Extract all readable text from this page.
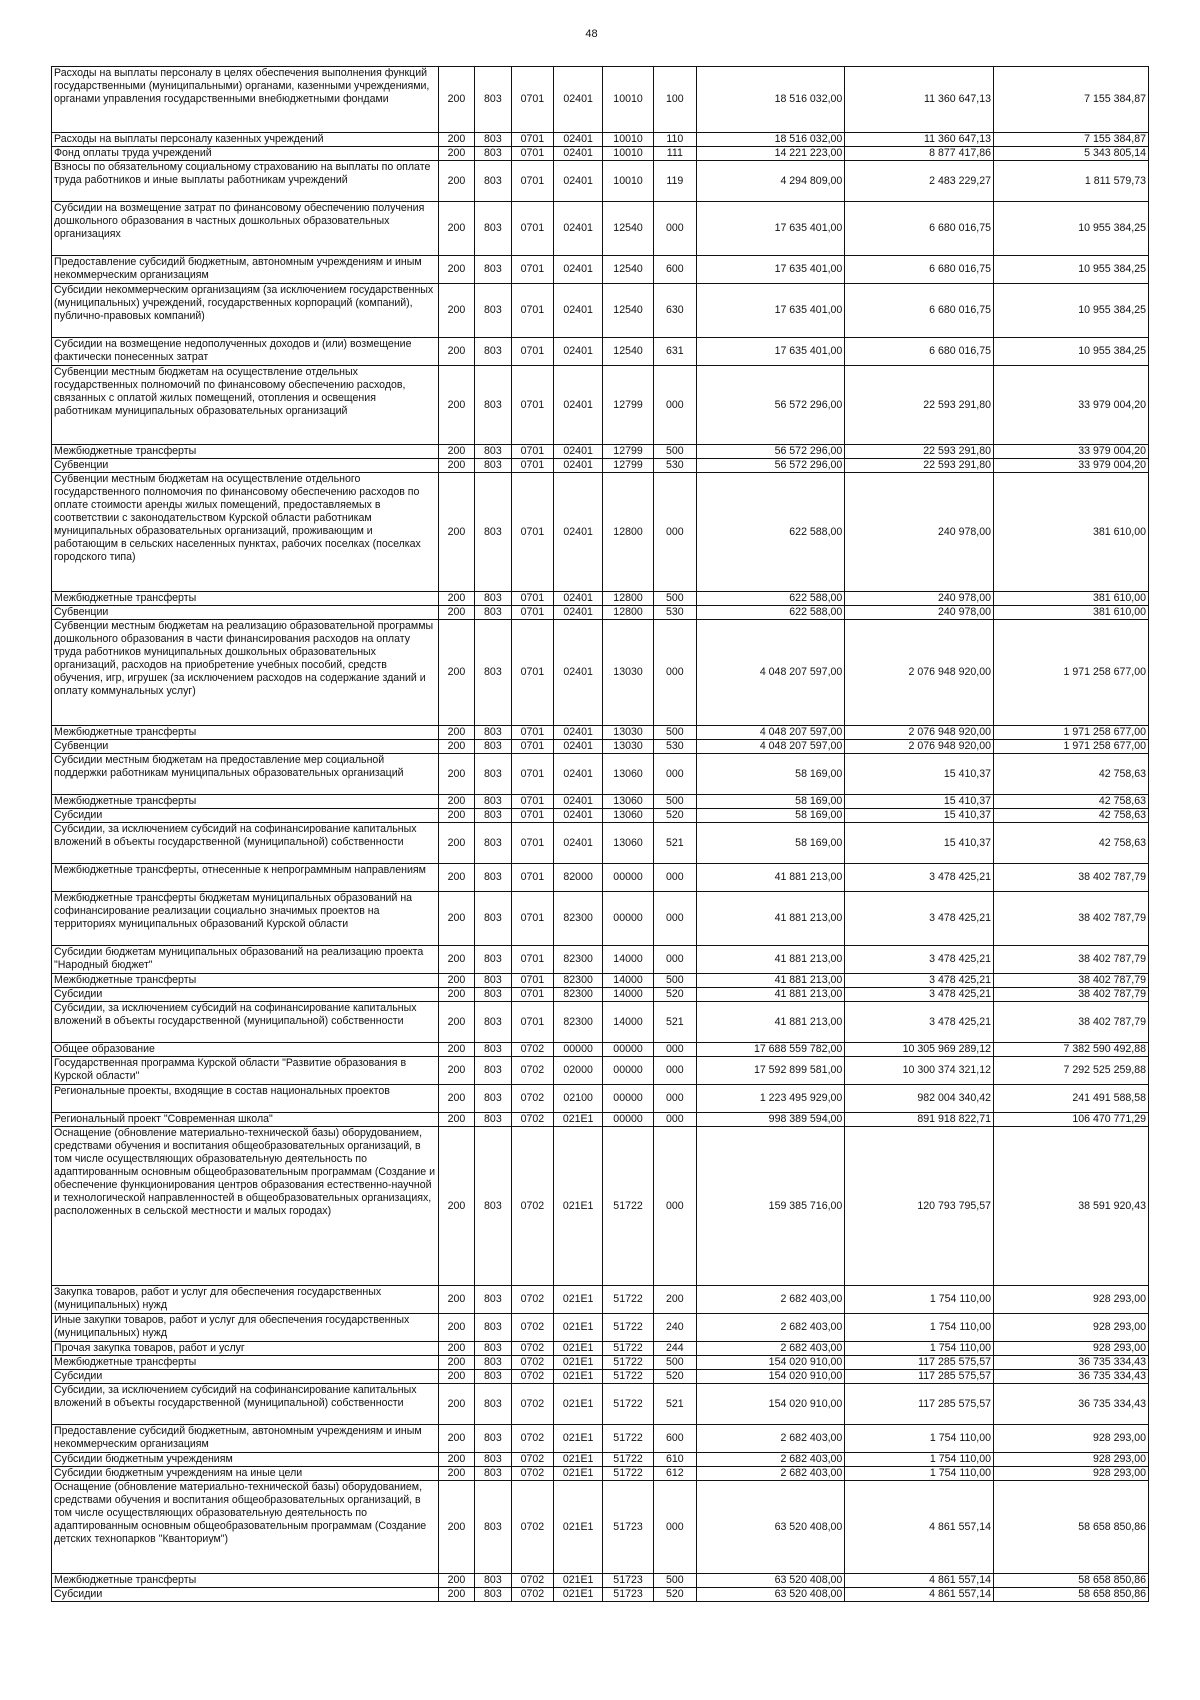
48
Расходы на выплаты персоналу в целях обеспечения выполнения функций государственными (муниципальными) органами, казенными учреждениями, органами управления государственными внебюджетными фондами	200	803	0701	02401	10010	100	18 516 032,00	11 360 647,13	7 155 384,87
Расходы на выплаты персоналу казенных учреждений	200	803	0701	02401	10010	110	18 516 032,00	11 360 647,13	7 155 384,87
Фонд оплаты труда учреждений	200	803	0701	02401	10010	111	14 221 223,00	8 877 417,86	5 343 805,14
Взносы по обязательному социальному страхованию на выплаты по оплате труда работников и иные выплаты работникам учреждений	200	803	0701	02401	10010	119	4 294 809,00	2 483 229,27	1 811 579,73
Субсидии на возмещение затрат по финансовому обеспечению получения дошкольного образования в частных дошкольных образовательных организациях	200	803	0701	02401	12540	000	17 635 401,00	6 680 016,75	10 955 384,25
Предоставление субсидий бюджетным, автономным учреждениям и иным некоммерческим организациям	200	803	0701	02401	12540	600	17 635 401,00	6 680 016,75	10 955 384,25
Субсидии некоммерческим организациям (за исключением государственных (муниципальных) учреждений, государственных корпораций (компаний), публично-правовых компаний)	200	803	0701	02401	12540	630	17 635 401,00	6 680 016,75	10 955 384,25
Субсидии на возмещение недополученных доходов и (или) возмещение фактически понесенных затрат	200	803	0701	02401	12540	631	17 635 401,00	6 680 016,75	10 955 384,25
Субвенции местным бюджетам на осуществление отдельных государственных полномочий по финансовому обеспечению расходов, связанных с оплатой жилых помещений, отопления и освещения работникам муниципальных образовательных организаций	200	803	0701	02401	12799	000	56 572 296,00	22 593 291,80	33 979 004,20
Межбюджетные трансферты	200	803	0701	02401	12799	500	56 572 296,00	22 593 291,80	33 979 004,20
Субвенции	200	803	0701	02401	12799	530	56 572 296,00	22 593 291,80	33 979 004,20
Субвенции местным бюджетам на осуществление отдельного государственного полномочия по финансовому обеспечению расходов по оплате стоимости аренды жилых помещений, предоставляемых в соответствии с законодательством Курской области работникам муниципальных образовательных организаций, проживающим и работающим в сельских населенных пунктах, рабочих поселках (поселках городского типа)	200	803	0701	02401	12800	000	622 588,00	240 978,00	381 610,00
Межбюджетные трансферты	200	803	0701	02401	12800	500	622 588,00	240 978,00	381 610,00
Субвенции	200	803	0701	02401	12800	530	622 588,00	240 978,00	381 610,00
Субвенции местным бюджетам на реализацию образовательной программы дошкольного образования в части финансирования расходов на оплату труда работников муниципальных дошкольных образовательных организаций, расходов на приобретение учебных пособий, средств обучения, игр, игрушек (за исключением расходов на содержание зданий и оплату коммунальных услуг)	200	803	0701	02401	13030	000	4 048 207 597,00	2 076 948 920,00	1 971 258 677,00
Межбюджетные трансферты	200	803	0701	02401	13030	500	4 048 207 597,00	2 076 948 920,00	1 971 258 677,00
Субвенции	200	803	0701	02401	13030	530	4 048 207 597,00	2 076 948 920,00	1 971 258 677,00
Субсидии местным бюджетам на предоставление мер социальной поддержки работникам муниципальных образовательных организаций	200	803	0701	02401	13060	000	58 169,00	15 410,37	42 758,63
Межбюджетные трансферты	200	803	0701	02401	13060	500	58 169,00	15 410,37	42 758,63
Субсидии	200	803	0701	02401	13060	520	58 169,00	15 410,37	42 758,63
Субсидии, за исключением субсидий на софинансирование капитальных вложений в объекты государственной (муниципальной) собственности	200	803	0701	02401	13060	521	58 169,00	15 410,37	42 758,63
Межбюджетные трансферты, отнесенные к непрограммным направлениям	200	803	0701	82000	00000	000	41 881 213,00	3 478 425,21	38 402 787,79
Межбюджетные трансферты бюджетам муниципальных образований на софинансирование реализации социально значимых проектов на территориях муниципальных образований Курской области	200	803	0701	82300	00000	000	41 881 213,00	3 478 425,21	38 402 787,79
Субсидии бюджетам муниципальных образований на реализацию проекта "Народный бюджет"	200	803	0701	82300	14000	000	41 881 213,00	3 478 425,21	38 402 787,79
Межбюджетные трансферты	200	803	0701	82300	14000	500	41 881 213,00	3 478 425,21	38 402 787,79
Субсидии	200	803	0701	82300	14000	520	41 881 213,00	3 478 425,21	38 402 787,79
Субсидии, за исключением субсидий на софинансирование капитальных вложений в объекты государственной (муниципальной) собственности	200	803	0701	82300	14000	521	41 881 213,00	3 478 425,21	38 402 787,79
Общее образование	200	803	0702	00000	00000	000	17 688 559 782,00	10 305 969 289,12	7 382 590 492,88
Государственная программа Курской области "Развитие образования в Курской области"	200	803	0702	02000	00000	000	17 592 899 581,00	10 300 374 321,12	7 292 525 259,88
Региональные проекты, входящие в состав национальных проектов	200	803	0702	02100	00000	000	1 223 495 929,00	982 004 340,42	241 491 588,58
Региональный проект "Современная школа"	200	803	0702	021E1	00000	000	998 389 594,00	891 918 822,71	106 470 771,29
Оснащение (обновление материально-технической базы) оборудованием, средствами обучения и воспитания общеобразовательных организаций, в том числе осуществляющих образовательную деятельность по адаптированным основным общеобразовательным программам (Создание и обеспечение функционирования центров образования естественно-научной и технологической направленностей в общеобразовательных организациях, расположенных в сельской местности и малых городах)	200	803	0702	021E1	51722	000	159 385 716,00	120 793 795,57	38 591 920,43
Закупка товаров, работ и услуг для обеспечения государственных (муниципальных) нужд	200	803	0702	021E1	51722	200	2 682 403,00	1 754 110,00	928 293,00
Иные закупки товаров, работ и услуг для обеспечения государственных (муниципальных) нужд	200	803	0702	021E1	51722	240	2 682 403,00	1 754 110,00	928 293,00
Прочая закупка товаров, работ и услуг	200	803	0702	021E1	51722	244	2 682 403,00	1 754 110,00	928 293,00
Межбюджетные трансферты	200	803	0702	021E1	51722	500	154 020 910,00	117 285 575,57	36 735 334,43
Субсидии	200	803	0702	021E1	51722	520	154 020 910,00	117 285 575,57	36 735 334,43
Субсидии, за исключением субсидий на софинансирование капитальных вложений в объекты государственной (муниципальной) собственности	200	803	0702	021E1	51722	521	154 020 910,00	117 285 575,57	36 735 334,43
Предоставление субсидий бюджетным, автономным учреждениям и иным некоммерческим организациям	200	803	0702	021E1	51722	600	2 682 403,00	1 754 110,00	928 293,00
Субсидии бюджетным учреждениям	200	803	0702	021E1	51722	610	2 682 403,00	1 754 110,00	928 293,00
Субсидии бюджетным учреждениям на иные цели	200	803	0702	021E1	51722	612	2 682 403,00	1 754 110,00	928 293,00
Оснащение (обновление материально-технической базы) оборудованием, средствами обучения и воспитания общеобразовательных организаций, в том числе осуществляющих образовательную деятельность по адаптированным основным общеобразовательным программам (Создание детских технопарков "Кванториум")	200	803	0702	021E1	51723	000	63 520 408,00	4 861 557,14	58 658 850,86
Межбюджетные трансферты	200	803	0702	021E1	51723	500	63 520 408,00	4 861 557,14	58 658 850,86
Субсидии	200	803	0702	021E1	51723	520	63 520 408,00	4 861 557,14	58 658 850,86
